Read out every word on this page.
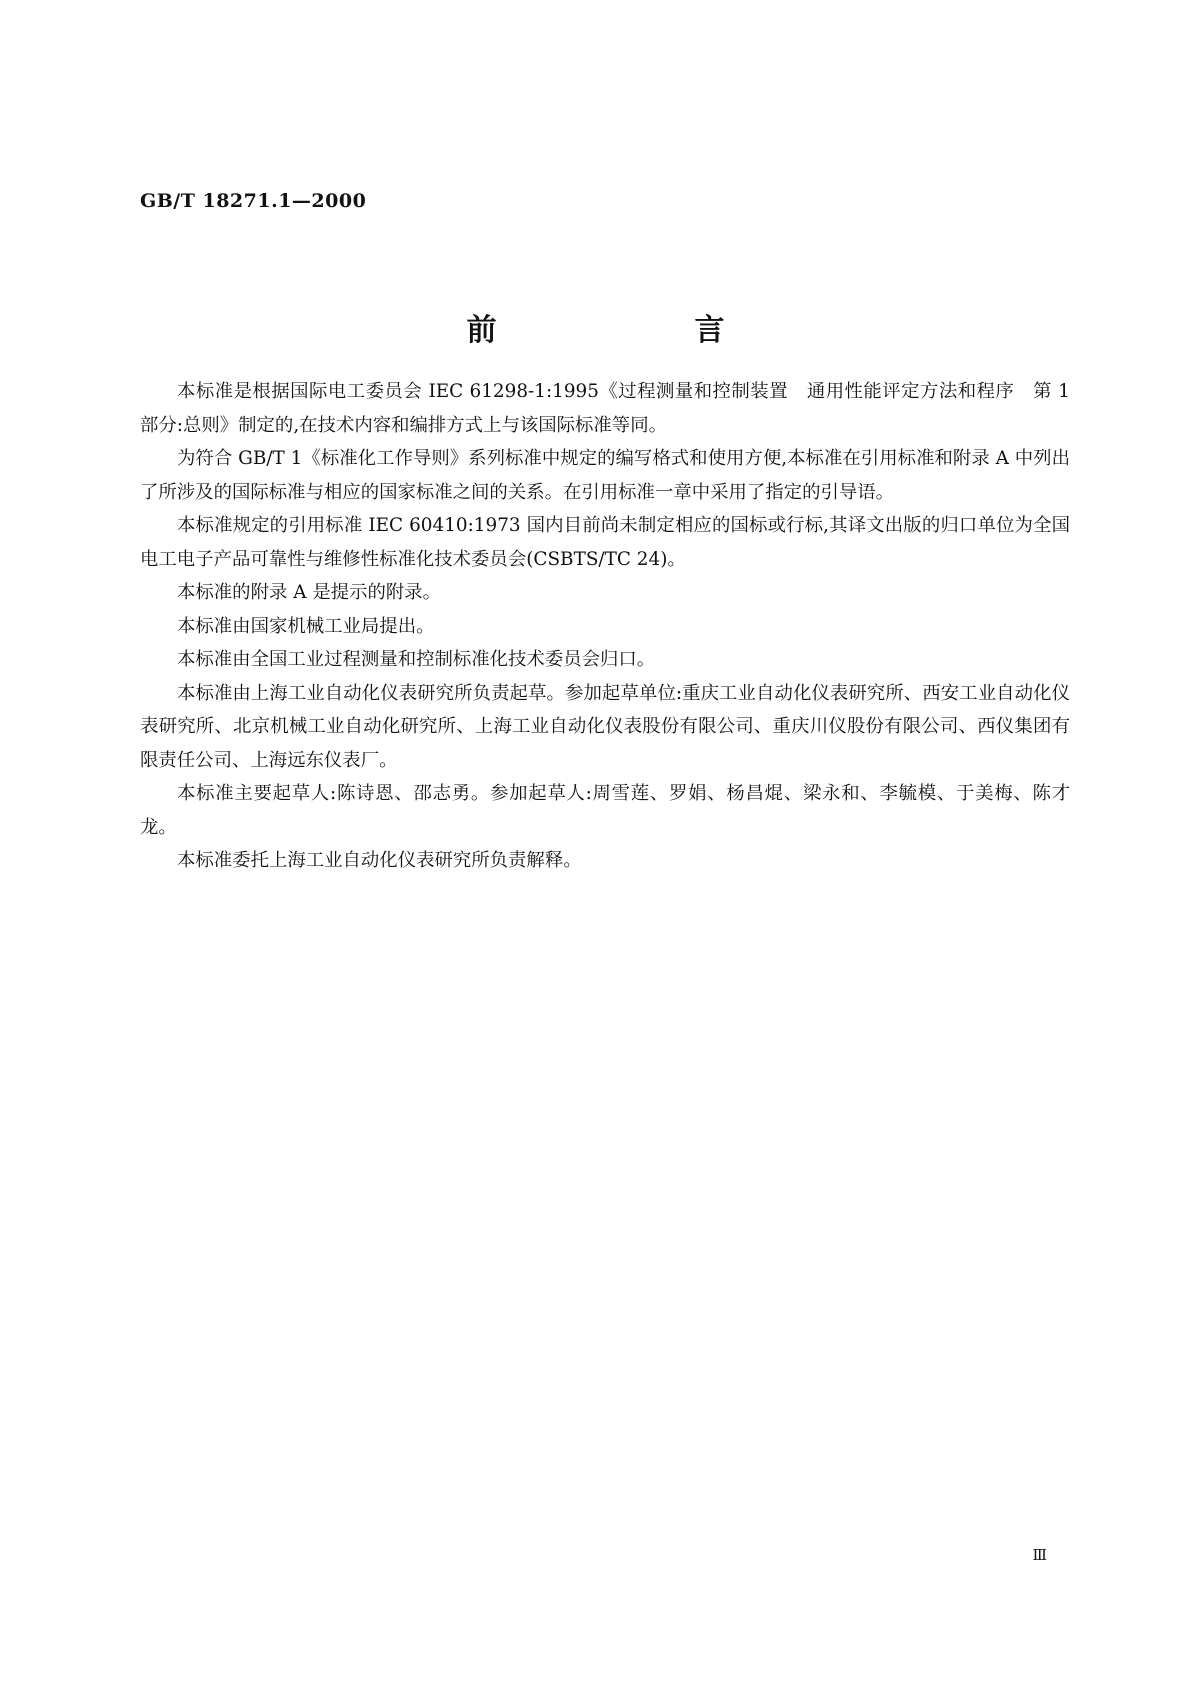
GB/T 18271.1—2000
前　言

本标准是根据国际电工委员会 IEC 61298-1:1995《过程测量和控制装置　通用性能评定方法和程序　第 1 部分:总则》制定的,在技术内容和编排方式上与该国际标准等同。

为符合 GB/T 1《标准化工作导则》系列标准中规定的编写格式和使用方便,本标准在引用标准和附录 A 中列出了所涉及的国际标准与相应的国家标准之间的关系。在引用标准一章中采用了指定的引导语。

本标准规定的引用标准 IEC 60410:1973 国内目前尚未制定相应的国标或行标,其译文出版的归口单位为全国电工电子产品可靠性与维修性标准化技术委员会(CSBTS/TC 24)。

本标准的附录 A 是提示的附录。

本标准由国家机械工业局提出。

本标准由全国工业过程测量和控制标准化技术委员会归口。

本标准由上海工业自动化仪表研究所负责起草。参加起草单位:重庆工业自动化仪表研究所、西安工业自动化仪表研究所、北京机械工业自动化研究所、上海工业自动化仪表股份有限公司、重庆川仪股份有限公司、西仪集团有限责任公司、上海远东仪表厂。

本标准主要起草人:陈诗恩、邵志勇。参加起草人:周雪莲、罗娟、杨昌焜、梁永和、李毓模、于美梅、陈才龙。

本标准委托上海工业自动化仪表研究所负责解释。

Ⅲ
